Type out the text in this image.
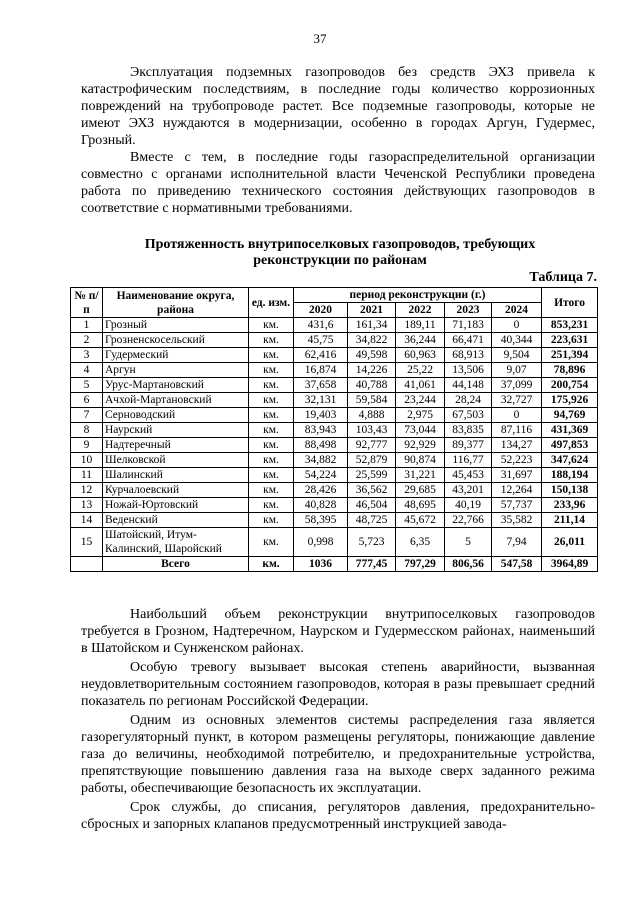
37

Эксплуатация подземных газопроводов без средств ЭХЗ привела к катастрофическим последствиям, в последние годы количество коррозионных повреждений на трубопроводе растет. Все подземные газопроводы, которые не имеют ЭХЗ нуждаются в модернизации, особенно в городах Аргун, Гудермес, Грозный.

Вместе с тем, в последние годы газораспределительной организации совместно с органами исполнительной власти Чеченской Республики проведена работа по приведению технического состояния действующих газопроводов в соответствие с нормативными требованиями.

Протяженность внутрипоселковых газопроводов, требующих
реконструкции по районам
Таблица 7.
№ п/п	Наименование округа, района	ед. изм.	период реконструкции (г.)					Итого
			2020	2021	2022	2023	2024	
1	Грозный	км.	431,6	161,34	189,11	71,183	0	853,231
2	Грозненскосельский	км.	45,75	34,822	36,244	66,471	40,344	223,631
3	Гудермеский	км.	62,416	49,598	60,963	68,913	9,504	251,394
4	Аргун	км.	16,874	14,226	25,22	13,506	9,07	78,896
5	Урус-Мартановский	км.	37,658	40,788	41,061	44,148	37,099	200,754
6	Ачхой-Мартановский	км.	32,131	59,584	23,244	28,24	32,727	175,926
7	Серноводский	км.	19,403	4,888	2,975	67,503	0	94,769
8	Наурский	км.	83,943	103,43	73,044	83,835	87,116	431,369
9	Надтеречный	км.	88,498	92,777	92,929	89,377	134,27	497,853
10	Шелковской	км.	34,882	52,879	90,874	116,77	52,223	347,624
11	Шалинский	км.	54,224	25,599	31,221	45,453	31,697	188,194
12	Курчалоевский	км.	28,426	36,562	29,685	43,201	12,264	150,138
13	Ножай-Юртовский	км.	40,828	46,504	48,695	40,19	57,737	233,96
14	Веденский	км.	58,395	48,725	45,672	22,766	35,582	211,14
15	Шатойский, Итум-Калинский, Шаройский	км.	0,998	5,723	6,35	5	7,94	26,011
	Всего	км.	1036	777,45	797,29	806,56	547,58	3964,89

Наибольший объем реконструкции внутрипоселковых газопроводов требуется в Грозном, Надтеречном, Наурском и Гудермесском районах, наименьший в Шатойском и Сунженском районах.

Особую тревогу вызывает высокая степень аварийности, вызванная неудовлетворительным состоянием газопроводов, которая в разы превышает средний показатель по регионам Российской Федерации.

Одним из основных элементов системы распределения газа является газорегуляторный пункт, в котором размещены регуляторы, понижающие давление газа до величины, необходимой потребителю, и предохранительные устройства, препятствующие повышению давления газа на выходе сверх заданного режима работы, обеспечивающие безопасность их эксплуатации.

Срок службы, до списания, регуляторов давления, предохранительно-сбросных и запорных клапанов предусмотренный инструкцией завода-
